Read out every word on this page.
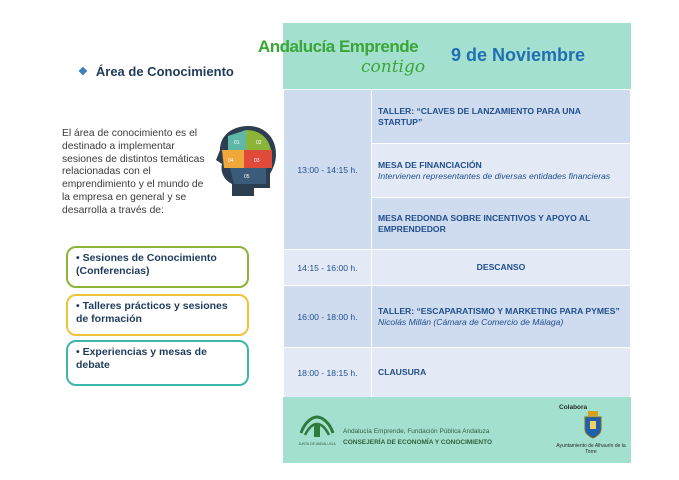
❖ Área de Conocimiento
El área de conocimiento es el destinado a implementar sesiones de distintos temáticas relacionadas con el emprendimiento y el mundo de la empresa en general y se desarrolla a través de:
01	02
03
04
05
• Sesiones de Conocimiento (Conferencias)
• Talleres prácticos y sesiones de formación
• Experiencias y mesas de debate
Andalucía Emprende
contigo
9 de Noviembre
13:00 - 14:15 h.	TALLER: “CLAVES DE LANZAMIENTO PARA UNA STARTUP”
	MESA DE FINANCIACIÓN
Intervienen representantes de diversas entidades financieras

	MESA REDONDA SOBRE INCENTIVOS Y APOYO AL EMPRENDEDOR
14:15 - 16:00 h.	DESCANSO
16:00 - 18:00 h.	TALLER: “ESCAPARATISMO Y MARKETING PARA PYMES”
Nicolás Millán (Cámara de Comercio de Málaga)

18:00 - 18:15 h.	CLAUSURA
JUNTA DE ANDALUCIA
Andalucía Emprende, Fundación Pública Andaluza
CONSEJERÍA DE ECONOMÍA Y CONOCIMIENTO
Colabora
Ayuntamiento de Alhaurín de la Torre
